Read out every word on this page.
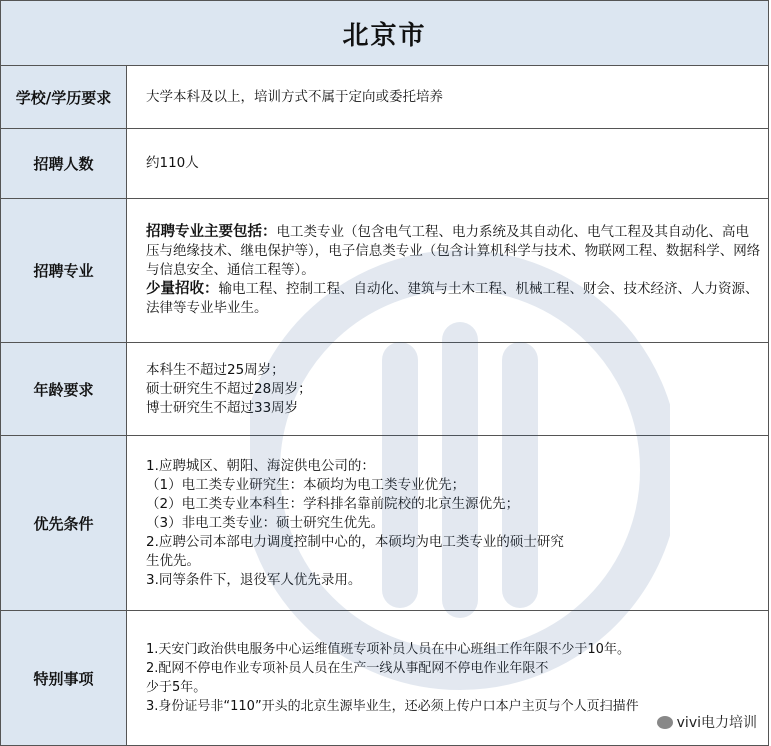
北京市
学校/学历要求	大学本科及以上，培训方式不属于定向或委托培养
招聘人数	约110人
招聘专业
招聘专业主要包括：电工类专业（包含电气工程、电力系统及其自动化、电气工程及其自动化、高电压与绝缘技术、继电保护等），电子信息类专业（包含计算机科学与技术、物联网工程、数据科学、网络与信息安全、通信工程等）。
少量招收：输电工程、控制工程、自动化、建筑与土木工程、机械工程、财会、技术经济、人力资源、法律等专业毕业生。
年龄要求
本科生不超过25周岁；
硕士研究生不超过28周岁；
博士研究生不超过33周岁
优先条件
1.应聘城区、朝阳、海淀供电公司的：
（1）电工类专业研究生：本硕均为电工类专业优先；
（2）电工类专业本科生：学科排名靠前院校的北京生源优先；
（3）非电工类专业：硕士研究生优先。
2.应聘公司本部电力调度控制中心的，本硕均为电工类专业的硕士研究
生优先。
3.同等条件下，退役军人优先录用。
特别事项
1.天安门政治供电服务中心运维值班专项补员人员在中心班组工作年限不少于10年。
2.配网不停电作业专项补员人员在生产一线从事配网不停电作业年限不
少于5年。
3.身份证号非“110”开头的北京生源毕业生，还必须上传户口本户主页与个人页扫描件
vivi电力培训
